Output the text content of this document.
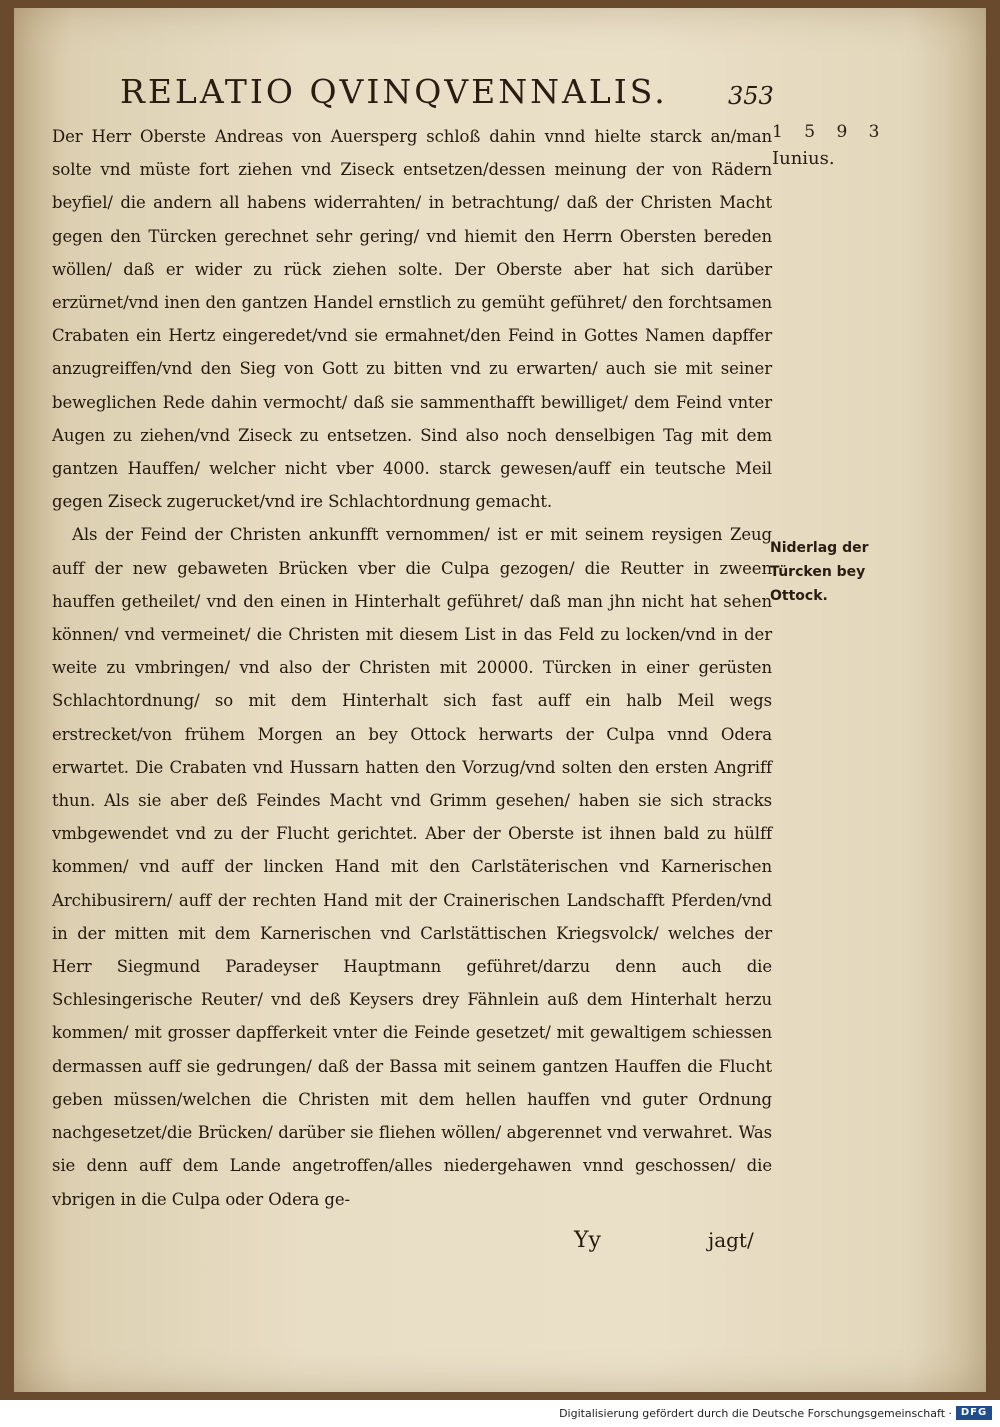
RELATIO QVINQVENNALIS.	353
1 5 9 3
Iunius.
Niderlag der Türcken bey Ottock.

Der Herr Oberste Andreas von Auersperg schloß dahin vnnd hielte starck an/man solte vnd müste fort ziehen vnd Ziseck entsetzen/dessen meinung der von Rädern beyfiel/ die andern all habens widerrahten/ in betrachtung/ daß der Christen Macht gegen den Türcken gerechnet sehr gering/ vnd hiemit den Herrn Obersten bereden wöllen/ daß er wider zu rück ziehen solte. Der Oberste aber hat sich darüber erzürnet/vnd inen den gantzen Handel ernstlich zu gemüht geführet/ den forchtsamen Crabaten ein Hertz eingeredet/vnd sie ermahnet/den Feind in Gottes Namen dapffer anzugreiffen/vnd den Sieg von Gott zu bitten vnd zu erwarten/ auch sie mit seiner beweglichen Rede dahin vermocht/ daß sie sammenthafft bewilliget/ dem Feind vnter Augen zu ziehen/vnd Ziseck zu entsetzen. Sind also noch denselbigen Tag mit dem gantzen Hauffen/ welcher nicht vber 4000. starck gewesen/auff ein teutsche Meil gegen Ziseck zugerucket/vnd ire Schlachtordnung gemacht.

Als der Feind der Christen ankunfft vernommen/ ist er mit seinem reysigen Zeug auff der new gebaweten Brücken vber die Culpa gezogen/ die Reutter in zween hauffen getheilet/ vnd den einen in Hinterhalt geführet/ daß man jhn nicht hat sehen können/ vnd vermeinet/ die Christen mit diesem List in das Feld zu locken/vnd in der weite zu vmbringen/ vnd also der Christen mit 20000. Türcken in einer gerüsten Schlachtordnung/ so mit dem Hinterhalt sich fast auff ein halb Meil wegs erstrecket/von frühem Morgen an bey Ottock herwarts der Culpa vnnd Odera erwartet. Die Crabaten vnd Hussarn hatten den Vorzug/vnd solten den ersten Angriff thun. Als sie aber deß Feindes Macht vnd Grimm gesehen/ haben sie sich stracks vmbgewendet vnd zu der Flucht gerichtet. Aber der Oberste ist ihnen bald zu hülff kommen/ vnd auff der lincken Hand mit den Carlstäterischen vnd Karnerischen Archibusirern/ auff der rechten Hand mit der Crainerischen Landschafft Pferden/vnd in der mitten mit dem Karnerischen vnd Carlstättischen Kriegsvolck/ welches der Herr Siegmund Paradeyser Hauptmann geführet/darzu denn auch die Schlesingerische Reuter/ vnd deß Keysers drey Fähnlein auß dem Hinterhalt herzu kommen/ mit grosser dapfferkeit vnter die Feinde gesetzet/ mit gewaltigem schiessen dermassen auff sie gedrungen/ daß der Bassa mit seinem gantzen Hauffen die Flucht geben müssen/welchen die Christen mit dem hellen hauffen vnd guter Ordnung nachgesetzet/die Brücken/ darüber sie fliehen wöllen/ abgerennet vnd verwahret. Was sie denn auff dem Lande angetroffen/alles niedergehawen vnnd geschossen/ die vbrigen in die Culpa oder Odera ge-

Yy	jagt/
Digitalisierung gefördert durch die Deutsche Forschungsgemeinschaft · DFG
